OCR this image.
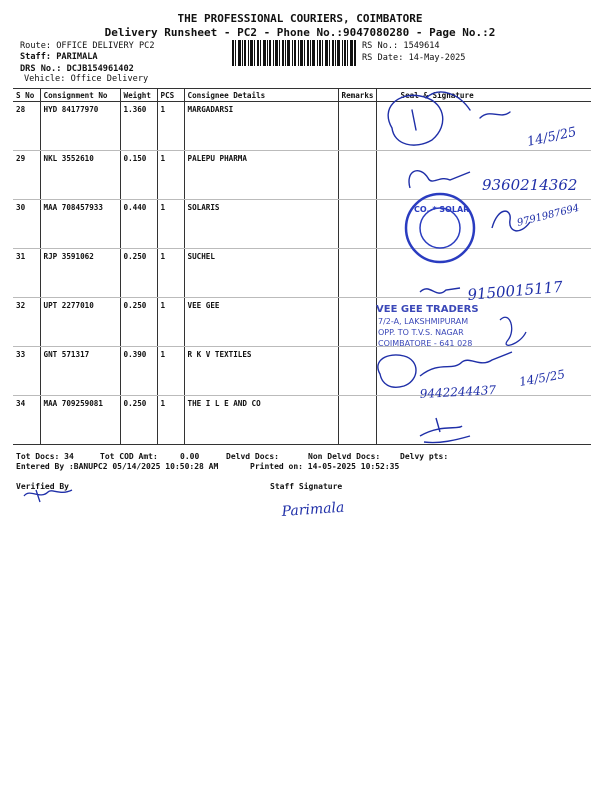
THE PROFESSIONAL COURIERS, COIMBATORE
Delivery Runsheet - PC2 - Phone No.:9047080280 - Page No.:2
Route: OFFICE DELIVERY PC2
Staff: PARIMALA
DRS No.: DCJB154961402
Vehicle: Office Delivery
RS No.: 1549614
RS Date: 14-May-2025
S No	Consignment No	Weight	PCS	Consignee Details	Remarks	Seal & Signature
28	HYD 84177970	1.360	1	MARGADARSI		
29	NKL 3552610	0.150	1	PALEPU PHARMA		
30	MAA 708457933	0.440	1	SOLARIS		
31	RJP 3591062	0.250	1	SUCHEL		
32	UPT 2277010	0.250	1	VEE GEE		
33	GNT 571317	0.390	1	R K V TEXTILES		
34	MAA 709259081	0.250	1	THE I L E AND CO		
14/5/25
9360214362
CO. * SOLAR	9791987694
9150015117
VEE GEE TRADERS
7/2-A, LAKSHMIPURAM
OPP. TO T.V.S. NAGAR
COIMBATORE - 641 028
9442244437
14/5/25
Parimala
Tot Docs: 34	Tot COD Amt:	0.00	Delvd Docs:	Non Delvd Docs: Delvy pts:
Entered By :BANUPC2 05/14/2025 10:50:28 AM	Printed on: 14-05-2025 10:52:35
Verified By	Staff Signature
